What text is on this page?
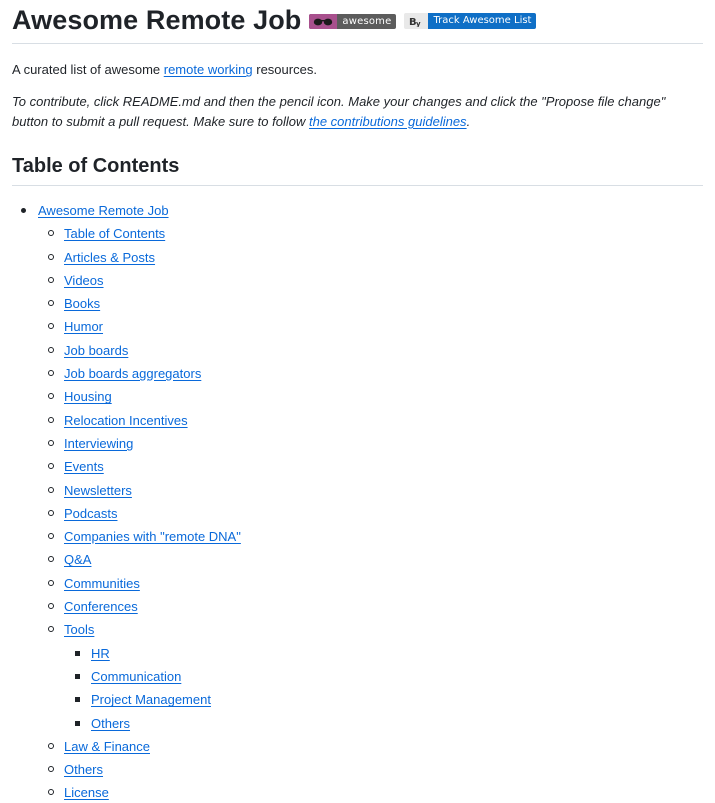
Awesome Remote Job	awesome	B y	Track Awesome List

A curated list of awesome remote working resources.

To contribute, click README.md and then the pencil icon. Make your changes and click the "Propose file change" button to submit a pull request. Make sure to follow the contributions guidelines.

Table of Contents
Awesome Remote Job
Table of Contents
Articles & Posts
Videos
Books
Humor
Job boards
Job boards aggregators
Housing
Relocation Incentives
Interviewing
Events
Newsletters
Podcasts
Companies with "remote DNA"
Q&A
Communities
Conferences
Tools
HR
Communication
Project Management
Others
Law & Finance
Others
License
